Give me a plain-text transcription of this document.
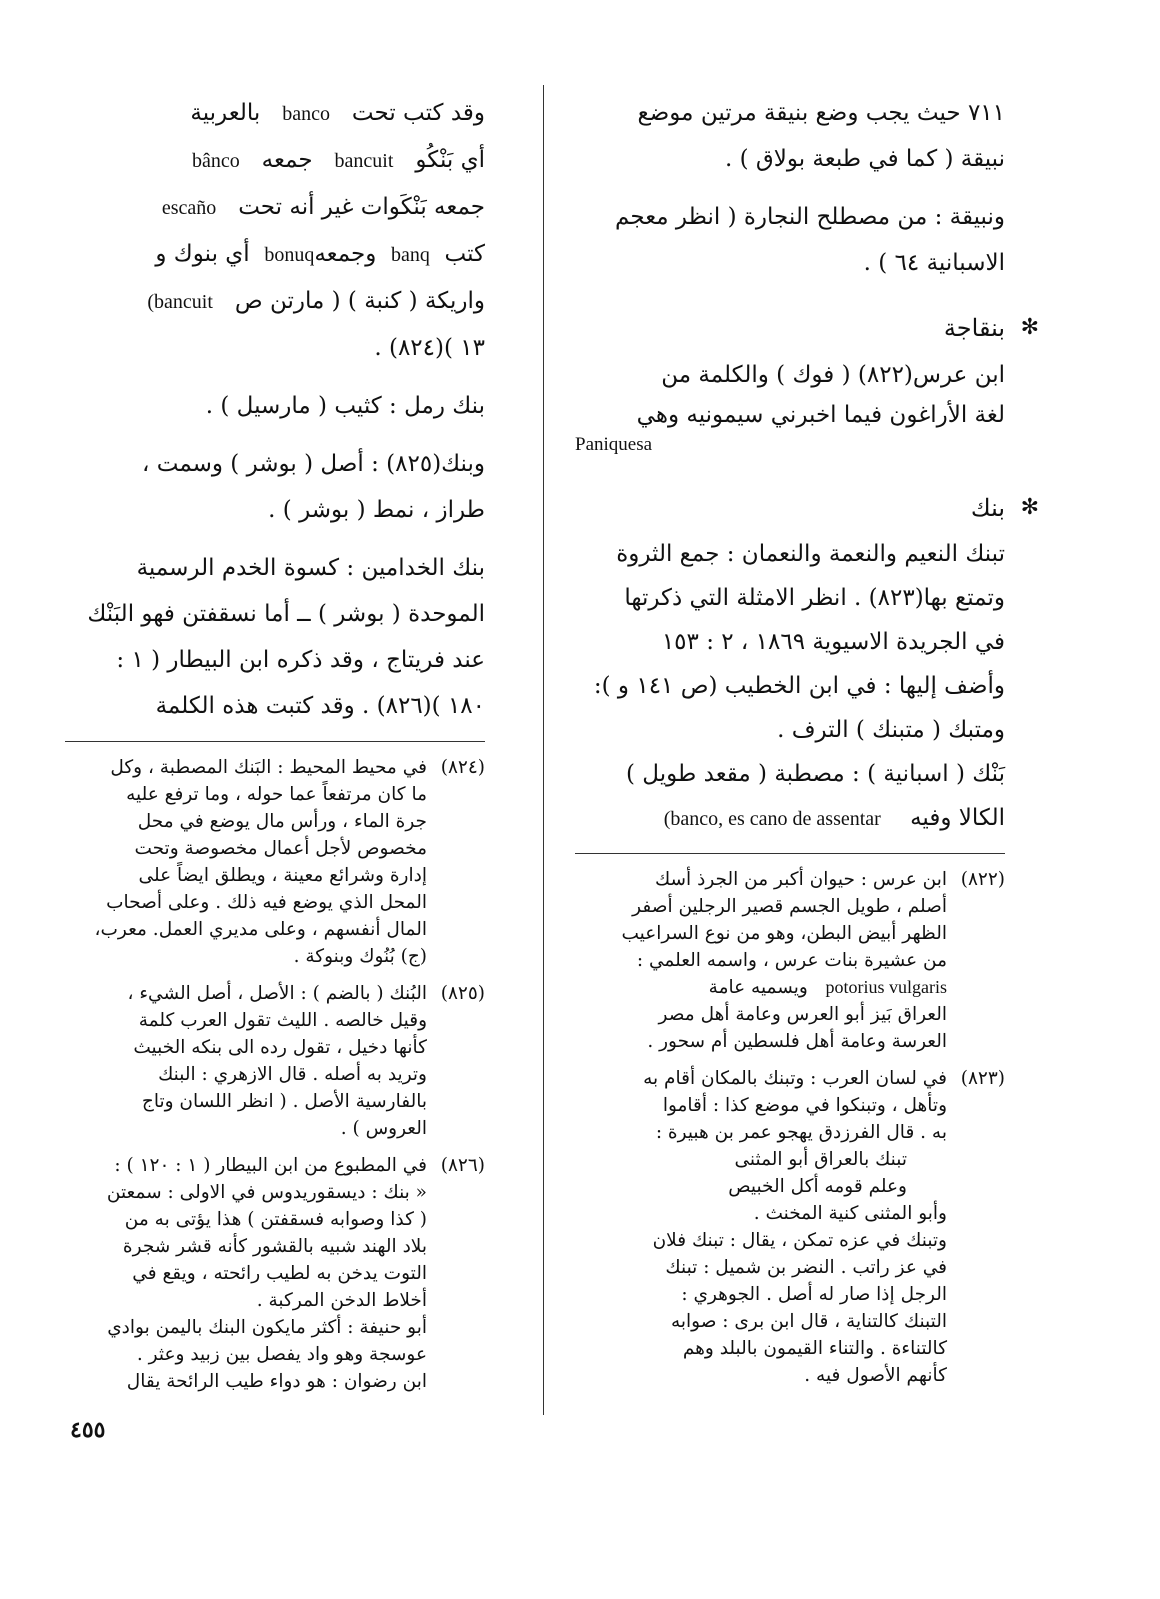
٧١١ حيث يجب وضع بنيقة مرتين موضع
نبيقة ( كما في طبعة بولاق ) .
ونبيقة : من مصطلح النجارة ( انظر معجم
الاسبانية ٦٤ ) .
✻
بنقاجة
ابن عرس(٨٢٢) ( فوك ) والكلمة من
لغة الأراغون فيما اخبرني سيمونيه وهي
Paniquesa
✻
بنك
تبنك النعيم والنعمة والنعمان : جمع الثروة
وتمتع بها(٨٢٣) . انظر الامثلة التي ذكرتها
في الجريدة الاسيوية ١٨٦٩ ، ٢ : ١٥٣
وأضف إليها : في ابن الخطيب (ص ١٤١ و ):
ومتبك ( متبنك ) الترف .
بَنْك ( اسبانية ) : مصطبة ( مقعد طويل )
الكالا وفيه    (banco, es cano de assentar
(٨٢٢)
ابن عرس : حيوان أكبر من الجرذ أسك
أصلم ، طويل الجسم قصير الرجلين أصفر
الظهر أبيض البطن، وهو من نوع السراعيب
من عشيرة بنات عرس ، واسمه العلمي :
potorius vulgaris   ويسميه عامة
العراق بَيز أبو العرس وعامة أهل مصر
العرسة وعامة أهل فلسطين أم سحور .
(٨٢٣)
في لسان العرب : وتبنك بالمكان أقام به
وتأهل ، وتبنكوا في موضع كذا : أقاموا
به . قال الفرزدق يهجو عمر بن هبيرة :
تبنك بالعراق أبو المثنى
وعلم قومه أكل الخبيص
وأبو المثنى كنية المخنث .
وتبنك في عزه تمكن ، يقال : تبنك فلان
في عز راتب . النضر بن شميل : تبنك
الرجل إذا صار له أصل . الجوهري :
التبنك كالتناية ، قال ابن برى : صوابه
كالتناءة . والتناء القيمون بالبلد وهم
كأنهم الأصول فيه .
وقد كتب تحت   banco   بالعربية
أي بَنْكُو   bancuit   جمعه   bâncо
جمعه بَنْكَوات غير أنه تحت   escaño
كتب  banq  وجمعهbonuq  أي بنوك و
واريكة ( كنبة ) ( مارتن ص   (bancuit
١٣ )(٨٢٤) .
بنك رمل : كثيب ( مارسيل ) .
وبنك(٨٢٥) : أصل ( بوشر ) وسمت ،
طراز ، نمط ( بوشر ) .
بنك الخدامين : كسوة الخدم الرسمية
الموحدة ( بوشر ) ــ أما نسقفتن فهو البَنْك
عند فريتاج ، وقد ذكره ابن البيطار ( ١ :
١٨٠ )(٨٢٦) . وقد كتبت هذه الكلمة
(٨٢٤)
في محيط المحيط : البَنك المصطبة ، وكل
ما كان مرتفعاً عما حوله ، وما ترفع عليه
جرة الماء ، ورأس مال يوضع في محل
مخصوص لأجل أعمال مخصوصة وتحت
إدارة وشرائع معينة ، ويطلق ايضاً على
المحل الذي يوضع فيه ذلك . وعلى أصحاب
المال أنفسهم ، وعلى مديري العمل. معرب،
(ج) بُنُوك وبنوكة .
(٨٢٥)
البُنك ( بالضم ) : الأصل ، أصل الشيء ،
وقيل خالصه . الليث تقول العرب كلمة
كأنها دخيل ، تقول رده الى بنكه الخبيث
وتريد به أصله . قال الازهري : البنك
بالفارسية الأصل . ( انظر اللسان وتاج
العروس ) .
(٨٢٦)
في المطبوع من ابن البيطار ( ١ : ١٢٠ ) :
« بنك : ديسقوريدوس في الاولى : سمعتن
( كذا وصوابه فسقفتن ) هذا يؤتى به من
بلاد الهند شبيه بالقشور كأنه قشر شجرة
التوت يدخن به لطيب رائحته ، ويقع في
أخلاط الدخن المركبة .
أبو حنيفة : أكثر مايكون البنك باليمن بوادي
عوسجة وهو واد يفصل بين زبيد وعثر .
ابن رضوان : هو دواء طيب الرائحة يقال
٤٥٥
